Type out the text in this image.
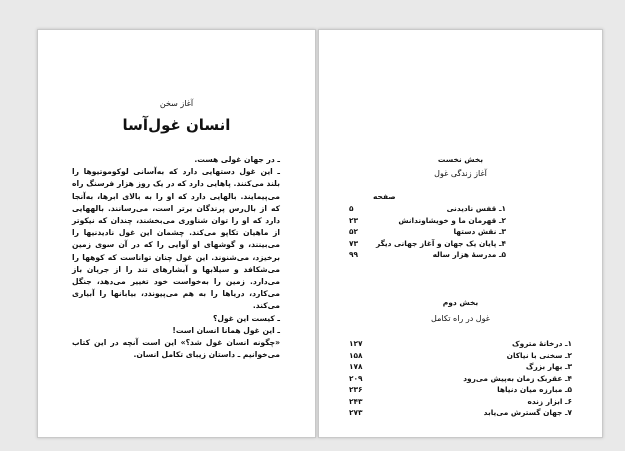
آغاز سخن
انسان غول‌آسا

ـ در جهان غولی هست.

ـ این غول دستهایی دارد که به‌آسانی لوکوموتیوها را بلند می‌کنند. پاهایی دارد که در یک روز هزار فرسنگ راه می‌پیمایند. بالهایی دارد که او را به بالای ابرها، به‌آنجا که از بال‌رس پرندگان برتر است، می‌رسانند. بالههایی دارد که او را توان شناوری می‌بخشند، چندان که نیکوتر از ماهیان تکاپو می‌کند. چشمان این غول نادیدنیها را می‌بینند، و گوشهای او آوایی را که در آن سوی زمین برخیزد، می‌شنوند. این غول چنان تواناست که کوهها را می‌شکافد و سیلابها و آبشارهای تند را از جریان باز می‌دارد. زمین را به‌خواست خود تغییر می‌دهد، جنگل می‌کارد، دریاها را به هم می‌پیوندد، بیابانها را آبیاری می‌کند.

ـ کیست این غول؟

ـ این غول همانا انسان است!

«چگونه انسان غول شد؟» این است آنچه در این کتاب می‌خوانیم ـ داستان زیبای تکامل انسان.

بخش نخست
آغاز زندگی غول
صفحه
۱ـ قفس نادیدنی
۵
۲ـ قهرمان ما و خویشاوندانش
۲۳
۳ـ نقش دستها
۵۲
۴ـ پایان یک جهان و آغاز جهانی دیگر
۷۳
۵ـ مدرسهٔ هزار ساله
۹۹
بخش دوم
غول در راه تکامل
۱ـ درخانهٔ متروک
۱۲۷
۲ـ سخنی با نیاکان
۱۵۸
۳ـ بهار بزرگ
۱۷۸
۴ـ عقربک زمان به‌پیش می‌رود
۲۰۹
۵ـ مبارزه میان دنیاها
۲۳۶
۶ـ ابزار زنده
۲۴۳
۷ـ جهان گسترش می‌یابد
۲۷۳
